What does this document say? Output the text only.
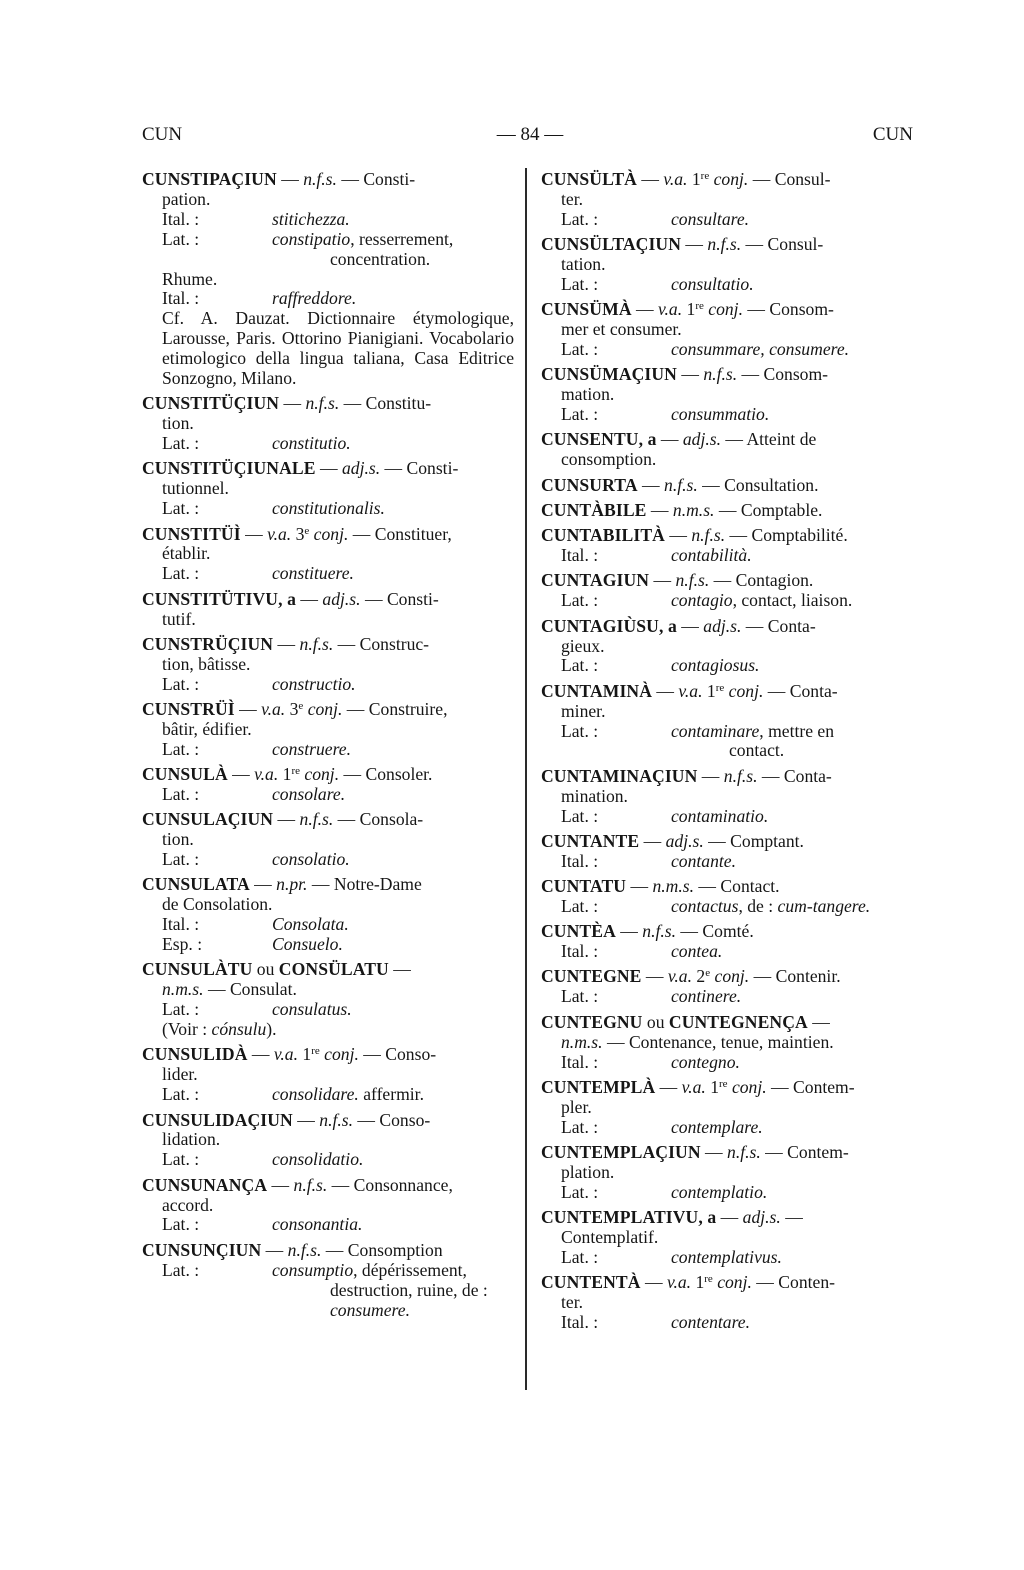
CUN	— 84 —	CUN
CUNSTIPAÇIUN — n.f.s. — Consti-
pation.
Ital. :	stitichezza.
Lat. :	constipatio, resserrement,
concentration.
Rhume.
Ital. :	raffreddore.
Cf. A. Dauzat. Dictionnaire étymologique, Larousse, Paris. Ottorino Pianigiani. Vocabolario etimologico della lingua taliana, Casa Editrice Sonzogno, Milano.
CUNSTITÜÇIUN — n.f.s. — Constitu-
tion.
Lat. :	constitutio.
CUNSTITÜÇIUNALE — adj.s. — Consti-
tutionnel.
Lat. :	constitutionalis.
CUNSTITÜÌ — v.a. 3e conj. — Constituer,
établir.
Lat. :	constituere.
CUNSTITÜTIVU, a — adj.s. — Consti-
tutif.
CUNSTRÜÇIUN — n.f.s. — Construc-
tion, bâtisse.
Lat. :	constructio.
CUNSTRÜÌ — v.a. 3e conj. — Construire,
bâtir, édifier.
Lat. :	construere.
CUNSULÀ — v.a. 1re conj. — Consoler.
Lat. :	consolare.
CUNSULAÇIUN — n.f.s. — Consola-
tion.
Lat. :	consolatio.
CUNSULATA — n.pr. — Notre-Dame
de Consolation.
Ital. :	Consolata.
Esp. :	Consuelo.
CUNSULÀTU ou CONSÜLATU —
n.m.s. — Consulat.
Lat. :	consulatus.
(Voir : cónsulu).
CUNSULIDÀ — v.a. 1re conj. — Conso-
lider.
Lat. :	consolidare. affermir.
CUNSULIDAÇIUN — n.f.s. — Conso-
lidation.
Lat. :	consolidatio.
CUNSUNANÇA — n.f.s. — Consonnance,
accord.
Lat. :	consonantia.
CUNSUNÇIUN — n.f.s. — Consomption
Lat. :	consumptio, dépérissement,
destruction, ruine, de :
consumere.
CUNSÜLTÀ — v.a. 1re conj. — Consul-
ter.
Lat. :	consultare.
CUNSÜLTAÇIUN — n.f.s. — Consul-
tation.
Lat. :	consultatio.
CUNSÜMÀ — v.a. 1re conj. — Consom-
mer et consumer.
Lat. :	consummare, consumere.
CUNSÜMAÇIUN — n.f.s. — Consom-
mation.
Lat. :	consummatio.
CUNSENTU, a — adj.s. — Atteint de
consomption.
CUNSURTA — n.f.s. — Consultation.
CUNTÀBILE — n.m.s. — Comptable.
CUNTABILITÀ — n.f.s. — Comptabilité.
Ital. :	contabilità.
CUNTAGIUN — n.f.s. — Contagion.
Lat. :	contagio, contact, liaison.
CUNTAGIÙSU, a — adj.s. — Conta-
gieux.
Lat. :	contagiosus.
CUNTAMINÀ — v.a. 1re conj. — Conta-
miner.
Lat. :	contaminare, mettre en
contact.
CUNTAMINAÇIUN — n.f.s. — Conta-
mination.
Lat. :	contaminatio.
CUNTANTE — adj.s. — Comptant.
Ital. :	contante.
CUNTATU — n.m.s. — Contact.
Lat. :	contactus, de : cum-tangere.
CUNTÈA — n.f.s. — Comté.
Ital. :	contea.
CUNTEGNE — v.a. 2e conj. — Contenir.
Lat. :	continere.
CUNTEGNU ou CUNTEGNENÇA —
n.m.s. — Contenance, tenue, maintien.
Ital. :	contegno.
CUNTEMPLÀ — v.a. 1re conj. — Contem-
pler.
Lat. :	contemplare.
CUNTEMPLAÇIUN — n.f.s. — Contem-
plation.
Lat. :	contemplatio.
CUNTEMPLATIVU, a — adj.s. —
Contemplatif.
Lat. :	contemplativus.
CUNTENTÀ — v.a. 1re conj. — Conten-
ter.
Ital. :	contentare.
